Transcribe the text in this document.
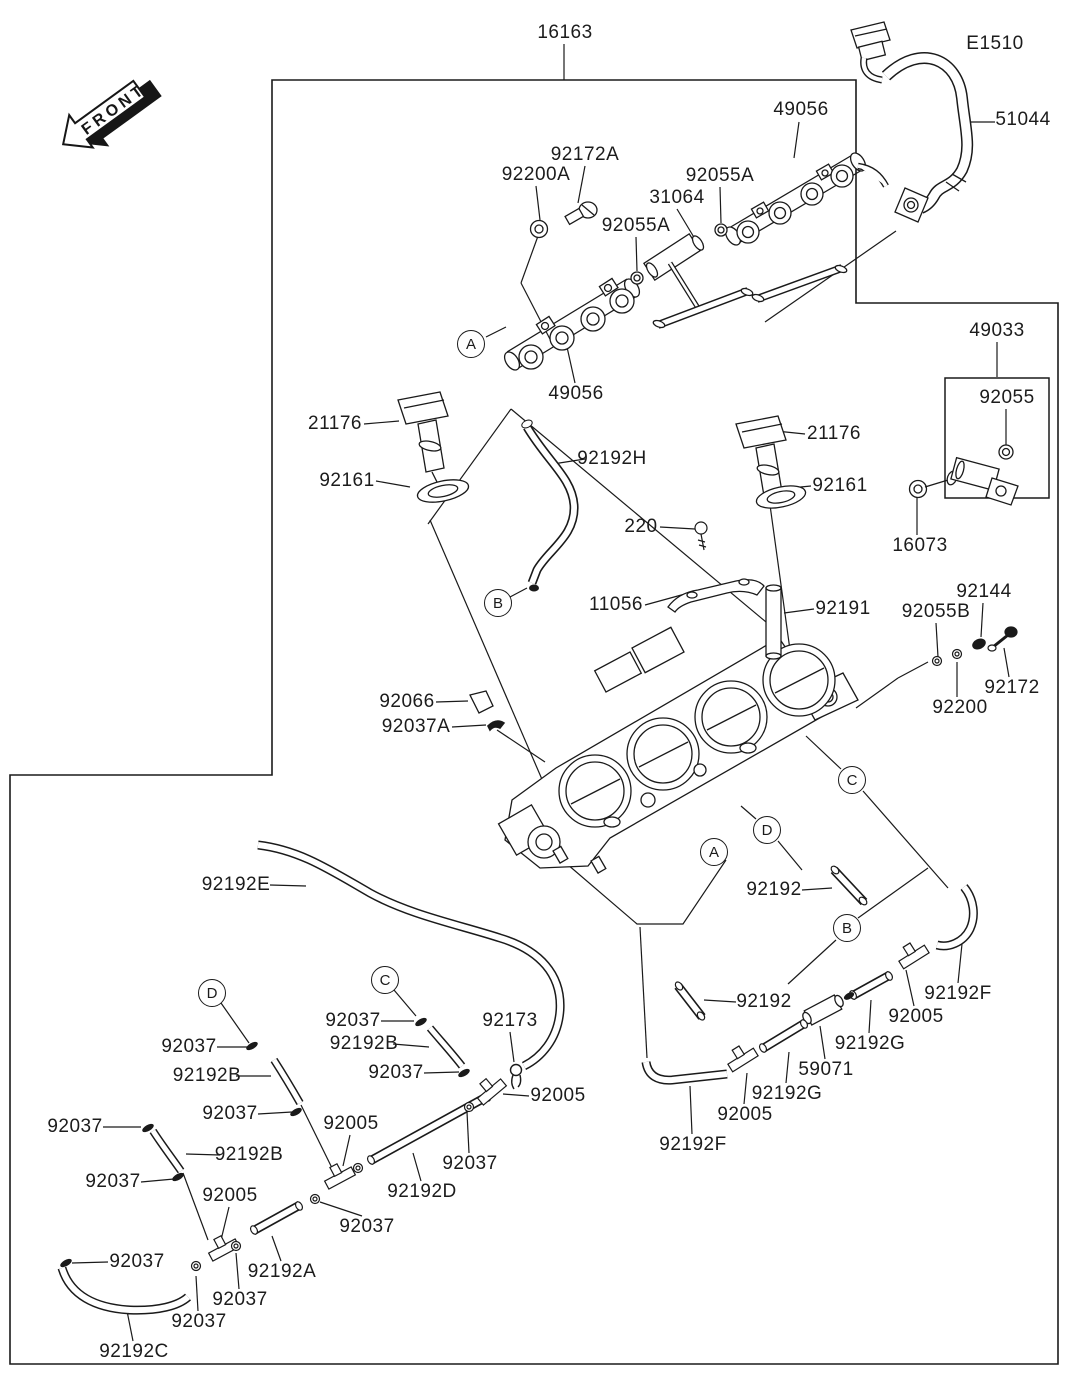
FRONT
16163
E1510
51044
49056
92172A
92200A	92055A
31064
92055A
49056
49033
92055
21176
92192H
92161
21176
92161
220
16073
11056	92191 92055B
92144
92172
92200
92066
92037A
92192E	92192
92192	92192F
92005
92192G
59071
92192G
92005
92192F
92037
92192B
92037
92173
92005
92037
92192D
92037
92037
92192B
92037
92037
92192B
92037
92005
92005
92037	92192A
92037
92037
92192C
A
B
C
D
A
B
C
D
